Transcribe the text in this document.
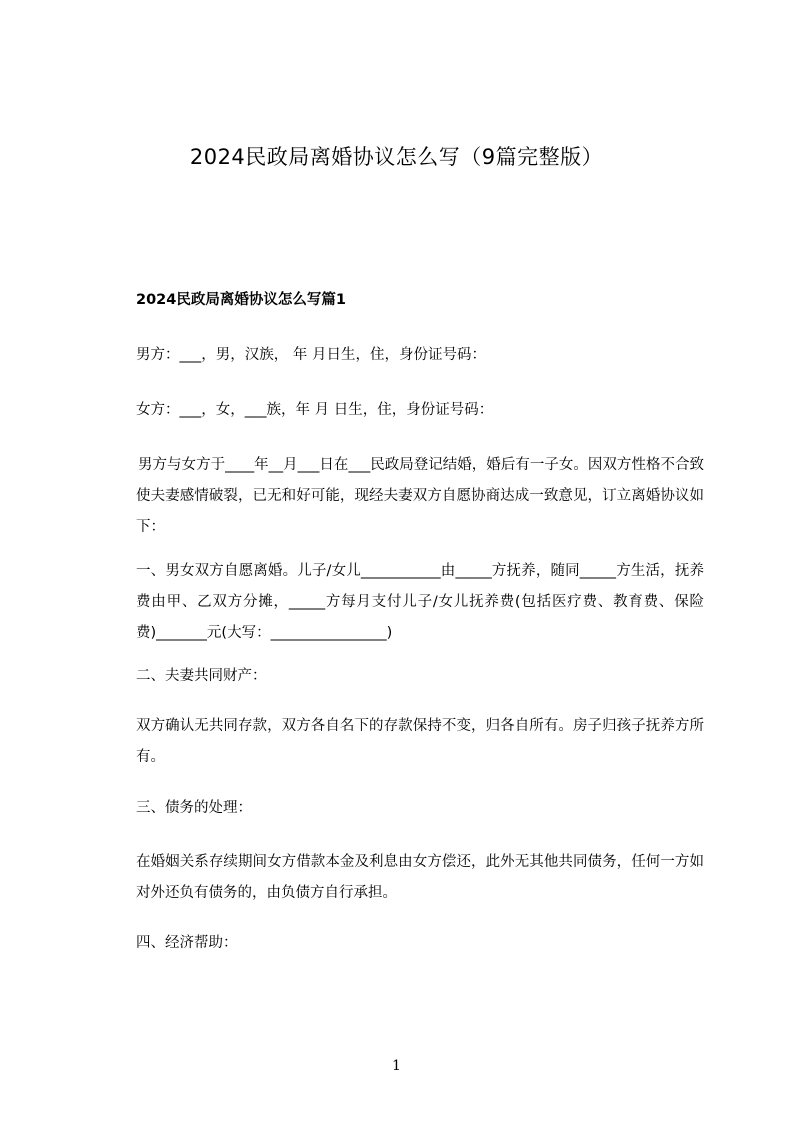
2024民政局离婚协议怎么写（9篇完整版）
2024民政局离婚协议怎么写篇1
男方：___，男，汉族， 年 月日生，住，身份证号码：
女方：___，女，___族，年 月 日生，住，身份证号码：
男方与女方于____年__月___日在___民政局登记结婚，婚后有一子女。因双方性格不合致使夫妻感情破裂，已无和好可能，现经夫妻双方自愿协商达成一致意见，订立离婚协议如下：
一、男女双方自愿离婚。儿子/女儿___________由_____方抚养，随同_____方生活，抚养费由甲、乙双方分摊，_____方每月支付儿子/女儿抚养费(包括医疗费、教育费、保险费)_______元(大写：________________)
二、夫妻共同财产：
双方确认无共同存款，双方各自名下的存款保持不变，归各自所有。房子归孩子抚养方所有。
三、债务的处理：
在婚姻关系存续期间女方借款本金及利息由女方偿还，此外无其他共同债务，任何一方如对外还负有债务的，由负债方自行承担。
四、经济帮助：
1
